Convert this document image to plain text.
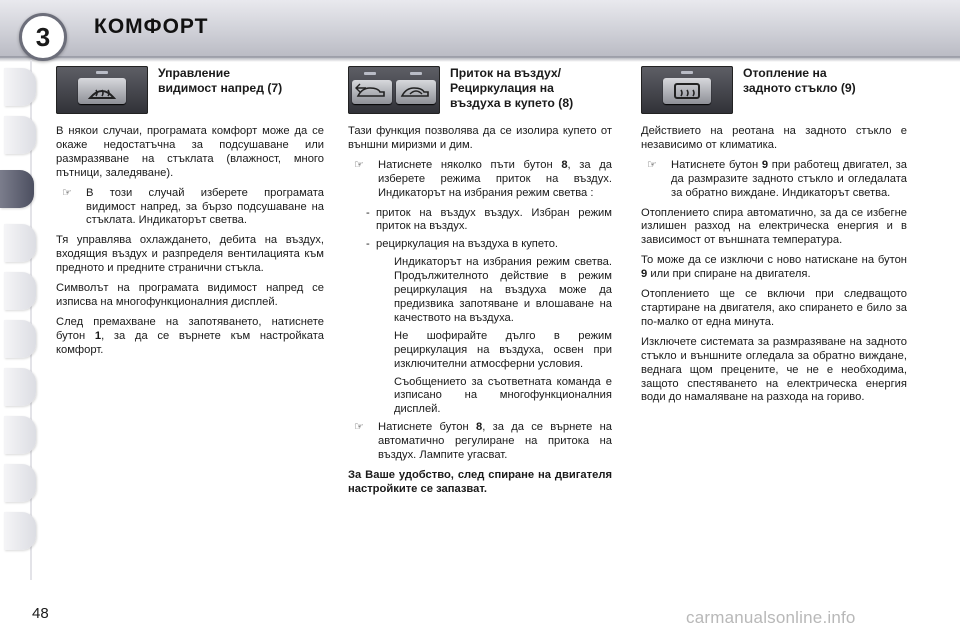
3	КОМФОРТ
Управление
видимост напред (7)

В някои случаи, програмата комфорт може да се окаже недостатъчна за подсушаване или размразяване на стъклата (влажност, много пътници, заледяване).

☞ В този случай изберете програмата видимост напред, за бързо подсушаване на стъклата. Индикаторът светва.

Тя управлява охлаждането, дебита на въздух, входящия въздух и разпределя вентилацията към предното и предните странични стъкла.

Символът на програмата видимост напред се изписва на многофункционалния дисплей.

След премахване на запотяването, натиснете бутон 1, за да се върнете към настройката комфорт.

Приток на въздух/
Рециркулация на
въздуха в купето (8)

Тази функция позволява да се изолира купето от външни миризми и дим.

☞ Натиснете няколко пъти бутон 8, за да изберете режима приток на въздух. Индикаторът на избрания режим светва :
- приток на въздух въздух. Избран режим приток на въздух.
- рециркулация на въздуха в купето.
Индикаторът на избрания режим светва. Продължителното действие в режим рециркулация на въздуха може да предизвика запотяване и влошаване на качеството на въздуха.
Не шофирайте дълго в режим рециркулация на въздуха, освен при изключителни атмосферни условия.
Съобщението за съответната команда е изписано на многофункционалния дисплей.
☞ Натиснете бутон 8, за да се върнете на автоматично регулиране на притока на въздух. Лампите угасват.

За Ваше удобство, след спиране на двигателя настройките се запазват.

Отопление на
задното стъкло (9)

Действието на реотана на задното стъкло е независимо от климатика.

☞ Натиснете бутон 9 при работещ двигател, за да размразите задното стъкло и огледалата за обратно виждане. Индикаторът светва.

Отоплението спира автоматично, за да се избегне излишен разход на електрическа енергия и в зависимост от външната температура.

То може да се изключи с ново натискане на бутон 9 или при спиране на двигателя.

Отоплението ще се включи при следващото стартиране на двигателя, ако спирането е било за по-малко от една минута.

Изключете системата за размразяване на задното стъкло и външните огледала за обратно виждане, веднага щом прецените, че не е необходима, защото спестяването на електрическа енергия води до намаляване на разхода на гориво.

48	carmanualsonline.info
